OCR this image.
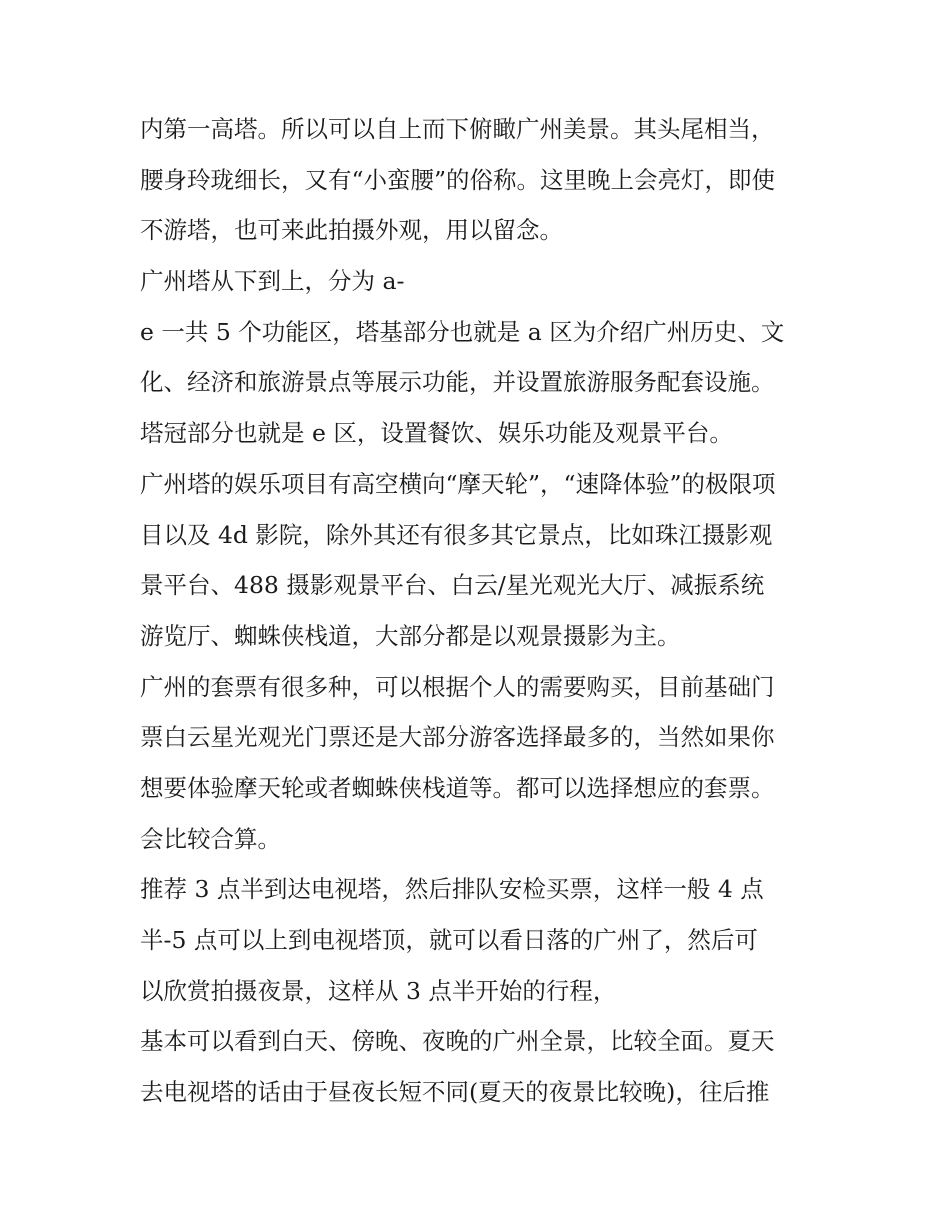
内第一高塔。所以可以自上而下俯瞰广州美景。其头尾相当，

腰身玲珑细长，又有“小蛮腰”的俗称。这里晚上会亮灯，即使

不游塔，也可来此拍摄外观，用以留念。

广州塔从下到上，分为 a-

e 一共 5 个功能区，塔基部分也就是 a 区为介绍广州历史、文

化、经济和旅游景点等展示功能，并设置旅游服务配套设施。

塔冠部分也就是 e 区，设置餐饮、娱乐功能及观景平台。

广州塔的娱乐项目有高空横向“摩天轮”，“速降体验”的极限项

目以及 4d 影院，除外其还有很多其它景点，比如珠江摄影观

景平台、488 摄影观景平台、白云/星光观光大厅、减振系统

游览厅、蜘蛛侠栈道，大部分都是以观景摄影为主。

广州的套票有很多种，可以根据个人的需要购买，目前基础门

票白云星光观光门票还是大部分游客选择最多的，当然如果你

想要体验摩天轮或者蜘蛛侠栈道等。都可以选择想应的套票。

会比较合算。

推荐 3 点半到达电视塔，然后排队安检买票，这样一般 4 点

半-5 点可以上到电视塔顶，就可以看日落的广州了，然后可

以欣赏拍摄夜景，这样从 3 点半开始的行程，

基本可以看到白天、傍晚、夜晚的广州全景，比较全面。夏天

去电视塔的话由于昼夜长短不同(夏天的夜景比较晚)，往后推
